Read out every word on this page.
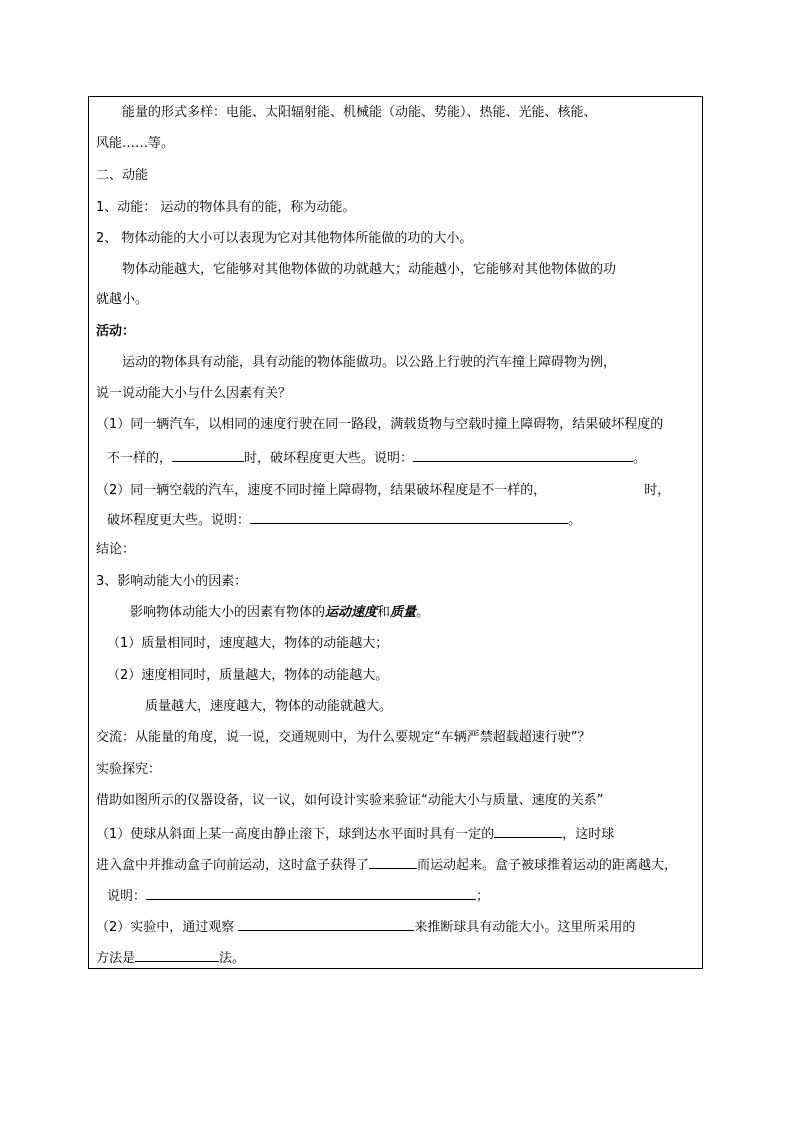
能量的形式多样：电能、太阳辐射能、机械能（动能、势能）、热能、光能、核能、
风能……等。
二、动能
1、动能： 运动的物体具有的能，称为动能。
2、 物体动能的大小可以表现为它对其他物体所能做的功的大小。
物体动能越大，它能够对其他物体做的功就越大；动能越小，它能够对其他物体做的功
就越小。
活动：
运动的物体具有动能，具有动能的物体能做功。以公路上行驶的汽车撞上障碍物为例，
说一说动能大小与什么因素有关？
（1）同一辆汽车，以相同的速度行驶在同一路段，满载货物与空载时撞上障碍物，结果破坏程度的
不一样的，	时，破坏程度更大些。说明：	。
（2）同一辆空载的汽车，速度不同时撞上障碍物，结果破坏程度是不一样的，	时，
破坏程度更大些。说明：	。
结论：
3、影响动能大小的因素：
影响物体动能大小的因素有物体的运动速度和质量。
（1）质量相同时，速度越大，物体的动能越大；
（2）速度相同时，质量越大，物体的动能越大。
质量越大，速度越大，物体的动能就越大。
交流：从能量的角度，说一说，交通规则中，为什么要规定“车辆严禁超载超速行驶”？
实验探究：
借助如图所示的仪器设备，议一议，如何设计实验来验证“动能大小与质量、速度的关系”
（1）使球从斜面上某一高度由静止滚下，球到达水平面时具有一定的	，这时球
进入盒中并推动盒子向前运动，这时盒子获得了	而运动起来。盒子被球推着运动的距离越大，
说明：	；
（2）实验中，通过观察	来推断球具有动能大小。这里所采用的
方法是	法。
